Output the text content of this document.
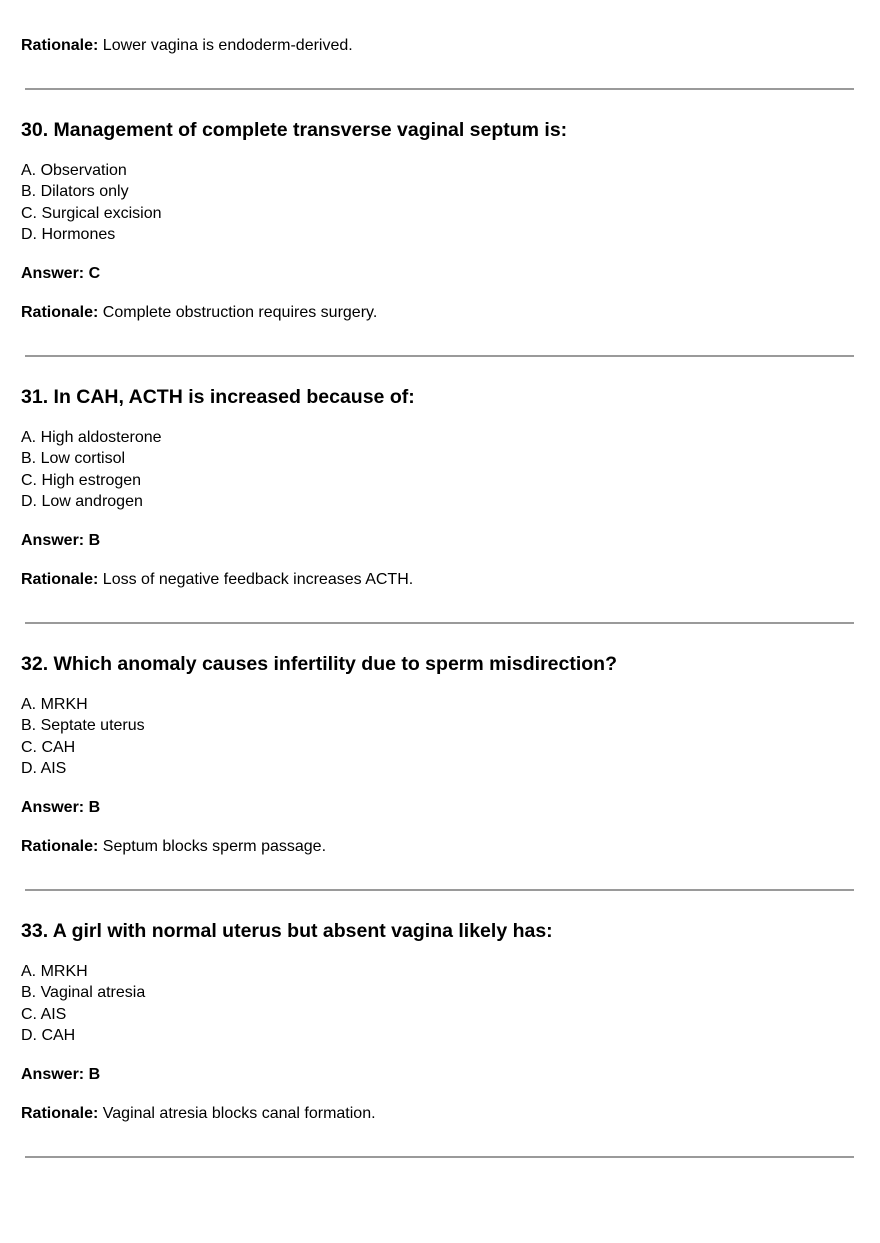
Rationale: Lower vagina is endoderm-derived.
30. Management of complete transverse vaginal septum is:
A. Observation
B. Dilators only
C. Surgical excision
D. Hormones
Answer: C
Rationale: Complete obstruction requires surgery.
31. In CAH, ACTH is increased because of:
A. High aldosterone
B. Low cortisol
C. High estrogen
D. Low androgen
Answer: B
Rationale: Loss of negative feedback increases ACTH.
32. Which anomaly causes infertility due to sperm misdirection?
A. MRKH
B. Septate uterus
C. CAH
D. AIS
Answer: B
Rationale: Septum blocks sperm passage.
33. A girl with normal uterus but absent vagina likely has:
A. MRKH
B. Vaginal atresia
C. AIS
D. CAH
Answer: B
Rationale: Vaginal atresia blocks canal formation.
